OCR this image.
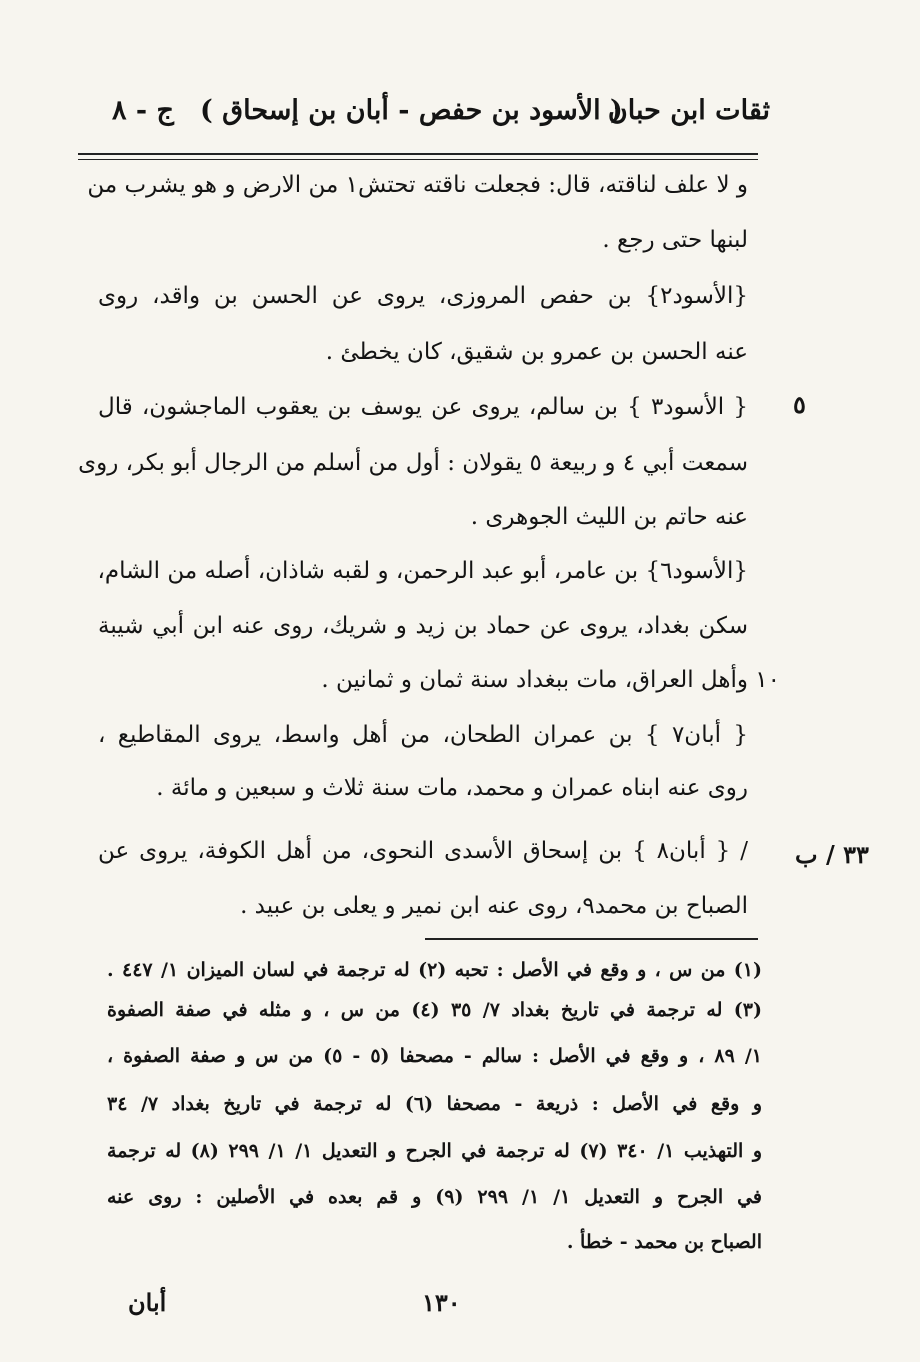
ثقات ابن حبان
( الأسود بن حفص - أبان بن إسحاق )
ج - ٨
و لا علف لناقته، قال: فجعلت ناقته تحتش١ من الارض و هو يشرب من
لبنها حتى رجع .
{الأسود٢} بن حفص المروزى، يروى عن الحسن بن واقد، روى
عنه الحسن بن عمرو بن شقيق، كان يخطئ .
٥
{ الأسود٣ } بن سالم، يروى عن يوسف بن يعقوب الماجشون، قال
سمعت أبي ٤ و ربيعة ٥ يقولان : أول من أسلم من الرجال أبو بكر، روى
عنه حاتم بن الليث الجوهرى .
{الأسود٦} بن عامر، أبو عبد الرحمن، و لقبه شاذان، أصله من الشام،
سكن بغداد، يروى عن حماد بن زيد و شريك، روى عنه ابن أبي شيبة
١٠ وأهل العراق، مات ببغداد سنة ثمان و ثمانين .
{ أبان٧ } بن عمران الطحان، من أهل واسط، يروى المقاطيع ،
روى عنه ابناه عمران و محمد، مات سنة ثلاث و سبعين و مائة .
٣٣ / ب
/ { أبان٨ } بن إسحاق الأسدى النحوى، من أهل الكوفة، يروى عن
الصباح بن محمد٩، روى عنه ابن نمير و يعلى بن عبيد .
(١) من س ، و وقع في الأصل : تحبه (٢) له ترجمة في لسان الميزان ١/ ٤٤٧ .
(٣) له ترجمة في تاريخ بغداد ٧/ ٣٥ (٤) من س ، و مثله في صفة الصفوة
١/ ٨٩ ، و وقع في الأصل : سالم - مصحفا (٥ - ٥) من س و صفة الصفوة ،
و وقع في الأصل : ذريعة - مصحفا (٦) له ترجمة في تاريخ بغداد ٧/ ٣٤
و التهذيب ١/ ٣٤٠ (٧) له ترجمة في الجرح و التعديل ١/ ١/ ٢٩٩ (٨) له ترجمة
في الجرح و التعديل ١/ ١/ ٢٩٩ (٩) و قم بعده في الأصلين : روى عنه
الصباح بن محمد - خطأ .
١٣٠
أبان
